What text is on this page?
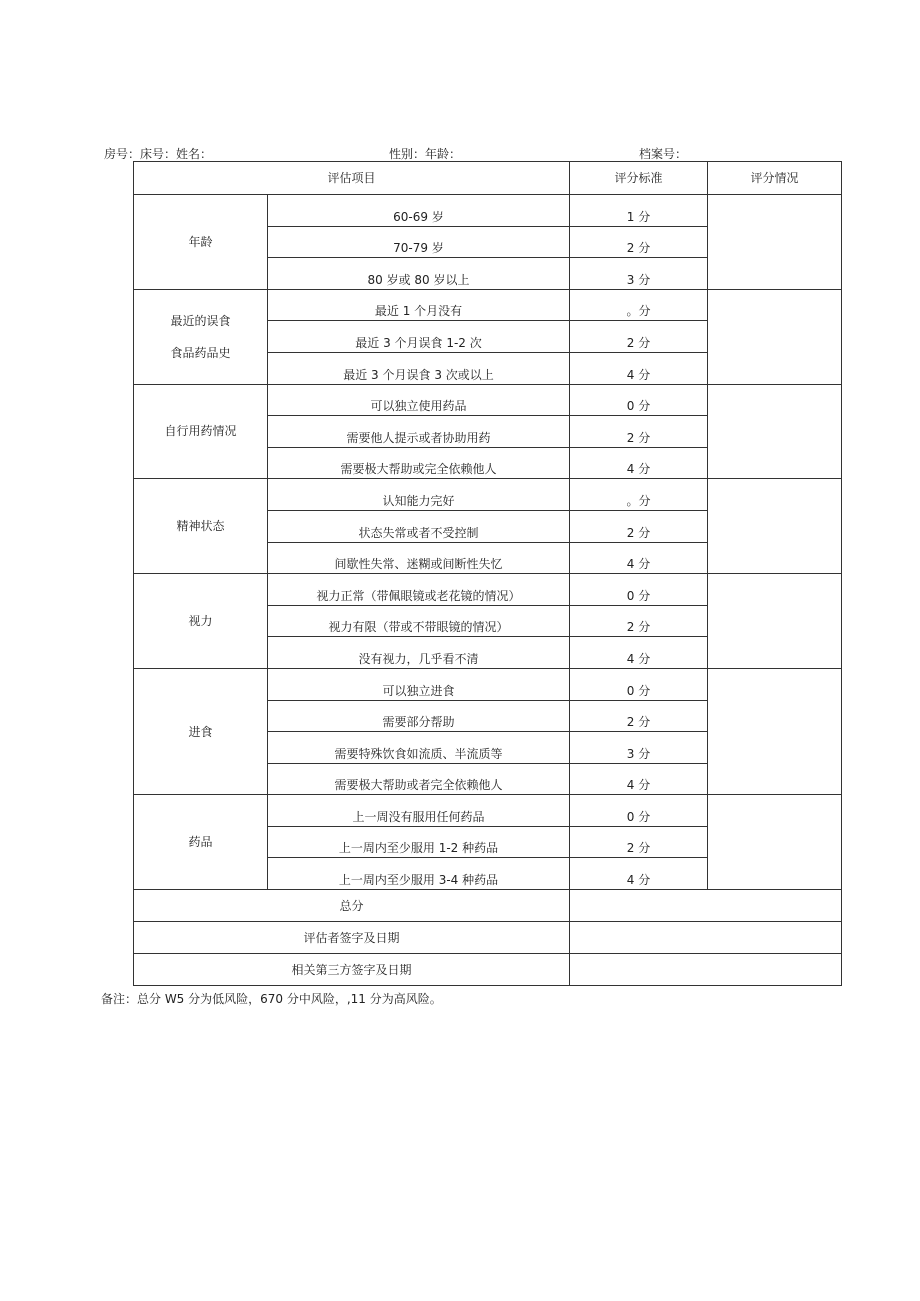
房号：床号：姓名：	性别：年龄：	档案号：
评估项目		评分标准	评分情况

年龄	60-69 岁	1 分	
	70-79 岁	2 分	
	80 岁或 80 岁以上	3 分	

最近的误食
食品药品史	最近 1 个月没有	。分	
	最近 3 个月误食 1-2 次	2 分	
	最近 3 个月误食 3 次或以上	4 分	

自行用药情况	可以独立使用药品	0 分	
	需要他人提示或者协助用药	2 分	
	需要极大帮助或完全依赖他人	4 分	

精神状态	认知能力完好	。分	
	状态失常或者不受控制	2 分	
	间歇性失常、迷糊或间断性失忆	4 分	

视力	视力正常（带佩眼镜或老花镜的情况）	0 分	
	视力有限（带或不带眼镜的情况）	2 分	
	没有视力，几乎看不清	4 分	

进食	可以独立进食	0 分	
	需要部分帮助	2 分	
	需要特殊饮食如流质、半流质等	3 分	
	需要极大帮助或者完全依赖他人	4 分	

药品	上一周没有服用任何药品	0 分	
	上一周内至少服用 1-2 种药品	2 分	
	上一周内至少服用 3-4 种药品	4 分	
总分			
评估者签字及日期			
相关第三方签字及日期			
备注：总分 W5 分为低风险，670 分中风险，,11 分为高风险。
